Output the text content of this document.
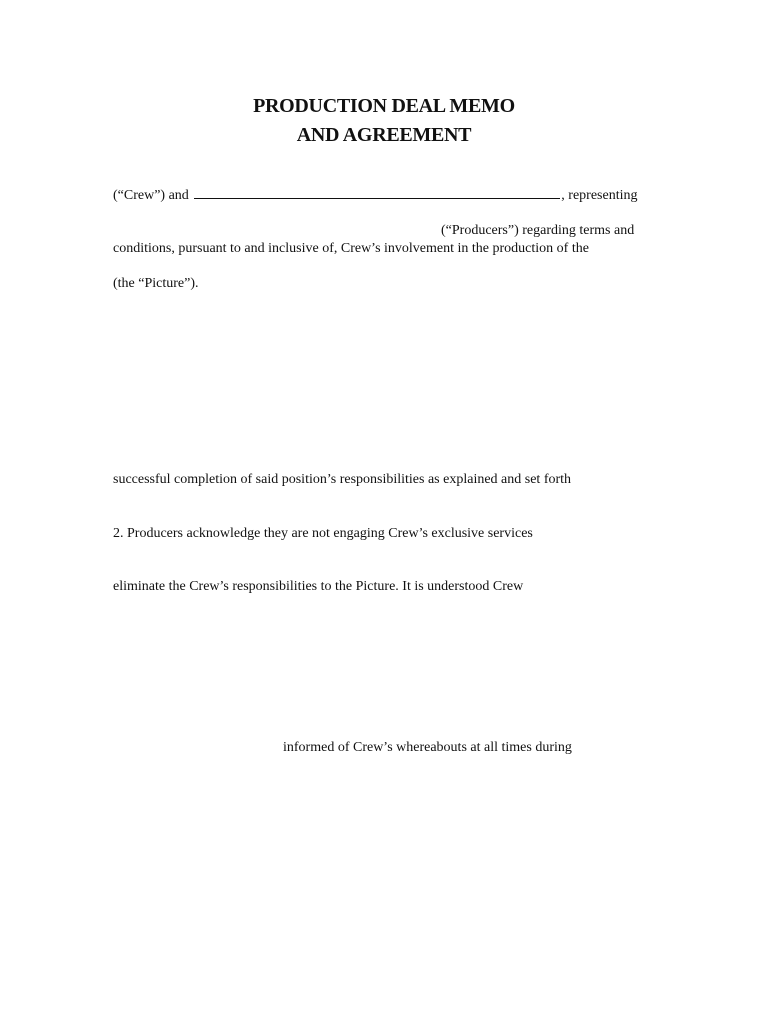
PRODUCTION DEAL MEMO
AND AGREEMENT
(“Crew”) and	, representing
(“Producers”) regarding terms and
conditions, pursuant to and inclusive of, Crew’s involvement in the production of the
(the “Picture”).
successful completion of said position’s responsibilities as explained and set forth
2. Producers acknowledge they are not engaging Crew’s exclusive services
eliminate the Crew’s responsibilities to the Picture. It is understood Crew
informed of Crew’s whereabouts at all times during
